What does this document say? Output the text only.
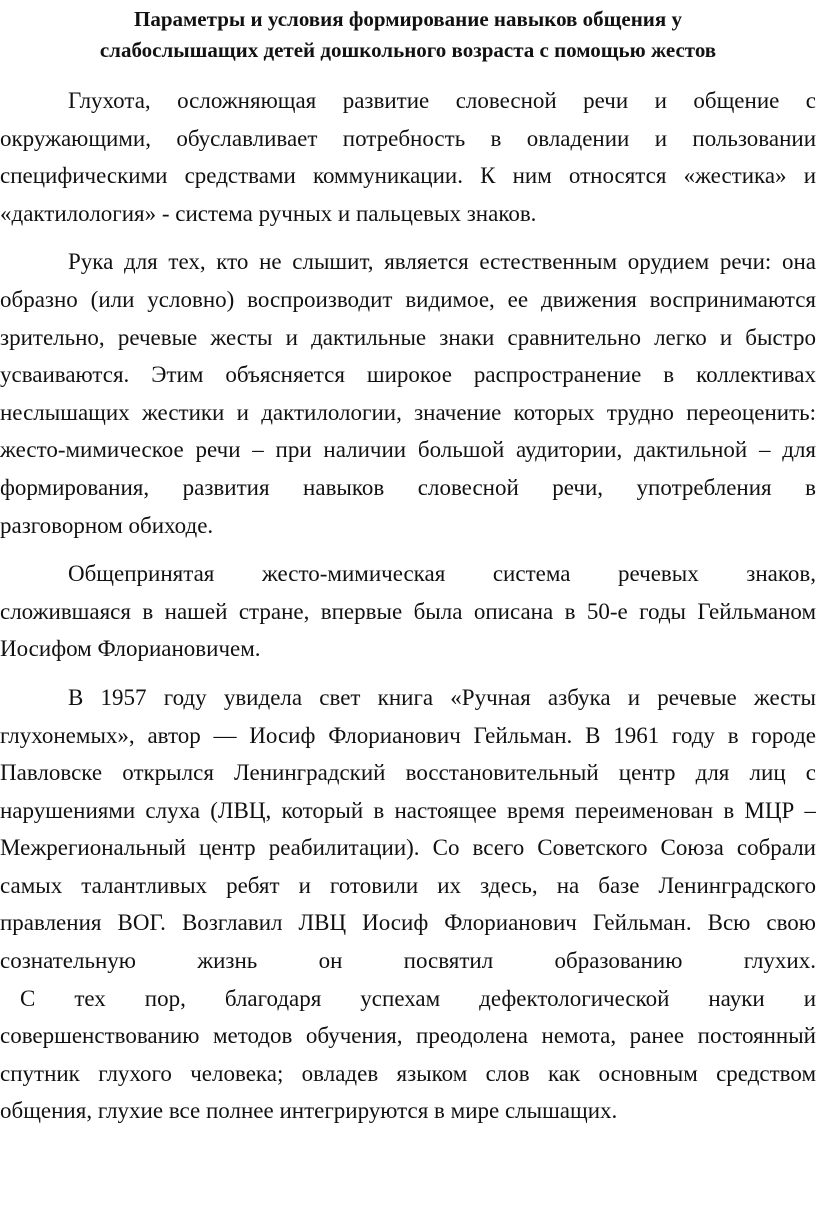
Параметры и условия формирование навыков общения у
слабослышащих детей дошкольного возраста с помощью жестов
Глухота, осложняющая развитие словесной речи и общение с
окружающими, обуславливает потребность в овладении и пользовании
специфическими средствами коммуникации. К ним относятся «жестика» и
«дактилология» - система ручных и пальцевых знаков.
Рука для тех, кто не слышит, является естественным орудием речи: она
образно (или условно) воспроизводит видимое, ее движения воспринимаются
зрительно, речевые жесты и дактильные знаки сравнительно легко и быстро
усваиваются. Этим объясняется широкое распространение в коллективах
неслышащих жестики и дактилологии, значение которых трудно переоценить:
жесто-мимическое речи – при наличии большой аудитории, дактильной – для
формирования, развития навыков словесной речи, употребления в
разговорном обиходе.
Общепринятая жесто-мимическая система речевых знаков,
сложившаяся в нашей стране, впервые была описана в 50-е годы Гейльманом
Иосифом Флориановичем.
В 1957 году увидела свет книга «Ручная азбука и речевые жесты
глухонемых», автор — Иосиф Флорианович Гейльман. В 1961 году в городе
Павловске открылся Ленинградский восстановительный центр для лиц с
нарушениями слуха (ЛВЦ, который в настоящее время переименован в МЦР –
Межрегиональный центр реабилитации). Со всего Советского Союза собрали
самых талантливых ребят и готовили их здесь, на базе Ленинградского
правления ВОГ. Возглавил ЛВЦ Иосиф Флорианович Гейльман. Всю свою
сознательную жизнь он посвятил образованию глухих.
С тех пор, благодаря успехам дефектологической науки и
совершенствованию методов обучения, преодолена немота, ранее постоянный
спутник глухого человека; овладев языком слов как основным средством
общения, глухие все полнее интегрируются в мире слышащих.
